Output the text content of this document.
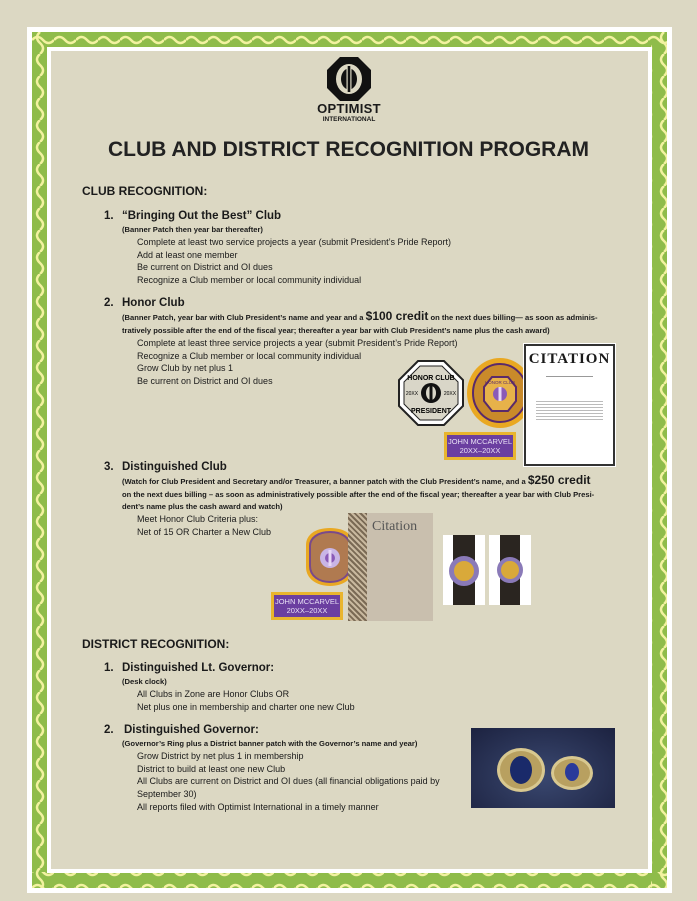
OPTIMIST
INTERNATIONAL
CLUB AND DISTRICT RECOGNITION PROGRAM
CLUB RECOGNITION:
1. “Bringing Out the Best” Club
(Banner Patch then year bar thereafter)
Complete at least two service projects a year (submit President’s Pride Report)
Add at least one member
Be current on District and OI dues
Recognize a Club member or local community individual
2. Honor Club
(Banner Patch, year bar with Club President’s name and year and a $100 credit on the next dues billing— as soon as adminis-
tratively possible after the end of the fiscal year; thereafter a year bar with Club President’s name plus the cash award)
Complete at least three service projects a year (submit President’s Pride Report)
Recognize a Club member or local community individual
Grow Club by net plus 1
Be current on District and OI dues	HONOR CLUB
PRESIDENT
20XX	20XX
HONOR CLUB
JOHN MCCARVEL
20XX–20XX
CITATION
3. Distinguished Club
(Watch for Club President and Secretary and/or Treasurer, a banner patch with the Club President’s name, and a $250 credit
on the next dues billing – as soon as administratively possible after the end of the fiscal year; thereafter a year bar with Club Presi-
dent’s name plus the cash award and watch)
Meet Honor Club Criteria plus:
Net of 15 OR Charter a New Club
JOHN MCCARVEL
20XX–20XX
Citation
DISTRICT RECOGNITION:
1. Distinguished Lt. Governor:
(Desk clock)
All Clubs in Zone are Honor Clubs OR
Net plus one in membership and charter one new Club
2. Distinguished Governor:
(Governor’s Ring plus a District banner patch with the Governor’s name and year)
Grow District by net plus 1 in membership
District to build at least one new Club
All Clubs are current on District and OI dues (all financial obligations paid by
September 30)
All reports filed with Optimist International in a timely manner
